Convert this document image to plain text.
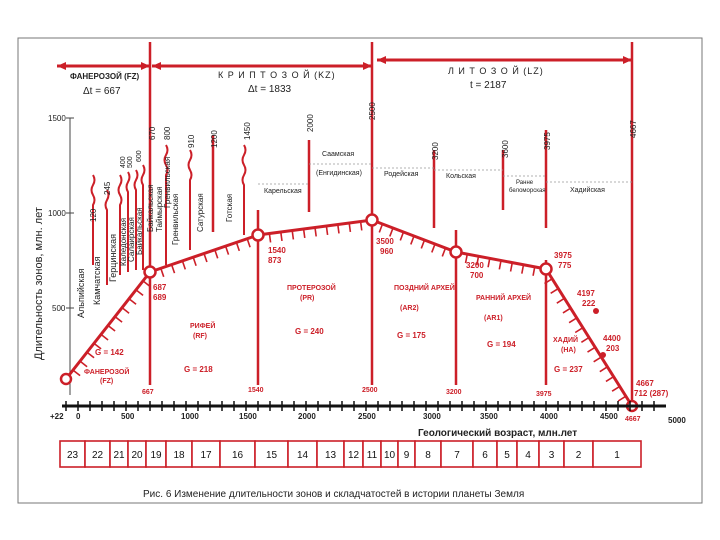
ФАНЕРОЗОЙ (FZ)
Δt = 667
К Р И П Т О З О Й (KZ)
Δt = 1833
Л И Т О З О Й (LZ)
t = 2187
1500
1000
500
Длительность зонов, млн. лет
670 800
910 1200	1450	2000
2500
3200	3600	3975
4667
120
245
400 500
600
Альпийская Камчатская Герцинская Каледонская Салаирская Байкальская	Гренвильская Сатурская	Готская
Байкальская Таймырская
Гренвильская	Карельская
Саамская
(Енгидинская)	Родейская	Кольская
Ранне
беломорская	Хадийская
687
689
1540
873
3500
960
3200
700
3975
775
4197
222
4400
203
4667
712 (287)
G = 142
ФАНЕРОЗОЙ
(FZ)
РИФЕЙ
(RF)
G = 218
ПРОТЕРОЗОЙ
(PR)
G = 240
ПОЗДНИЙ АРХЕЙ
(AR2)
G = 175
РАННИЙ АРХЕЙ
(AR1)
G = 194	ХАДИЙ
(HA)
G = 237
667	1540	2500	3200	3975
4667
+22 0	500	1000	1500	2000	2500	3000	3500	4000	4500	5000
Геологический возраст, млн.лет
23 22 21 20 19 18 17 16 15 14 13 12 11 10 9 8 7 6 5 4 3 2	1
Рис. 6 Изменение длительности зонов и складчатостей в истории планеты Земля
